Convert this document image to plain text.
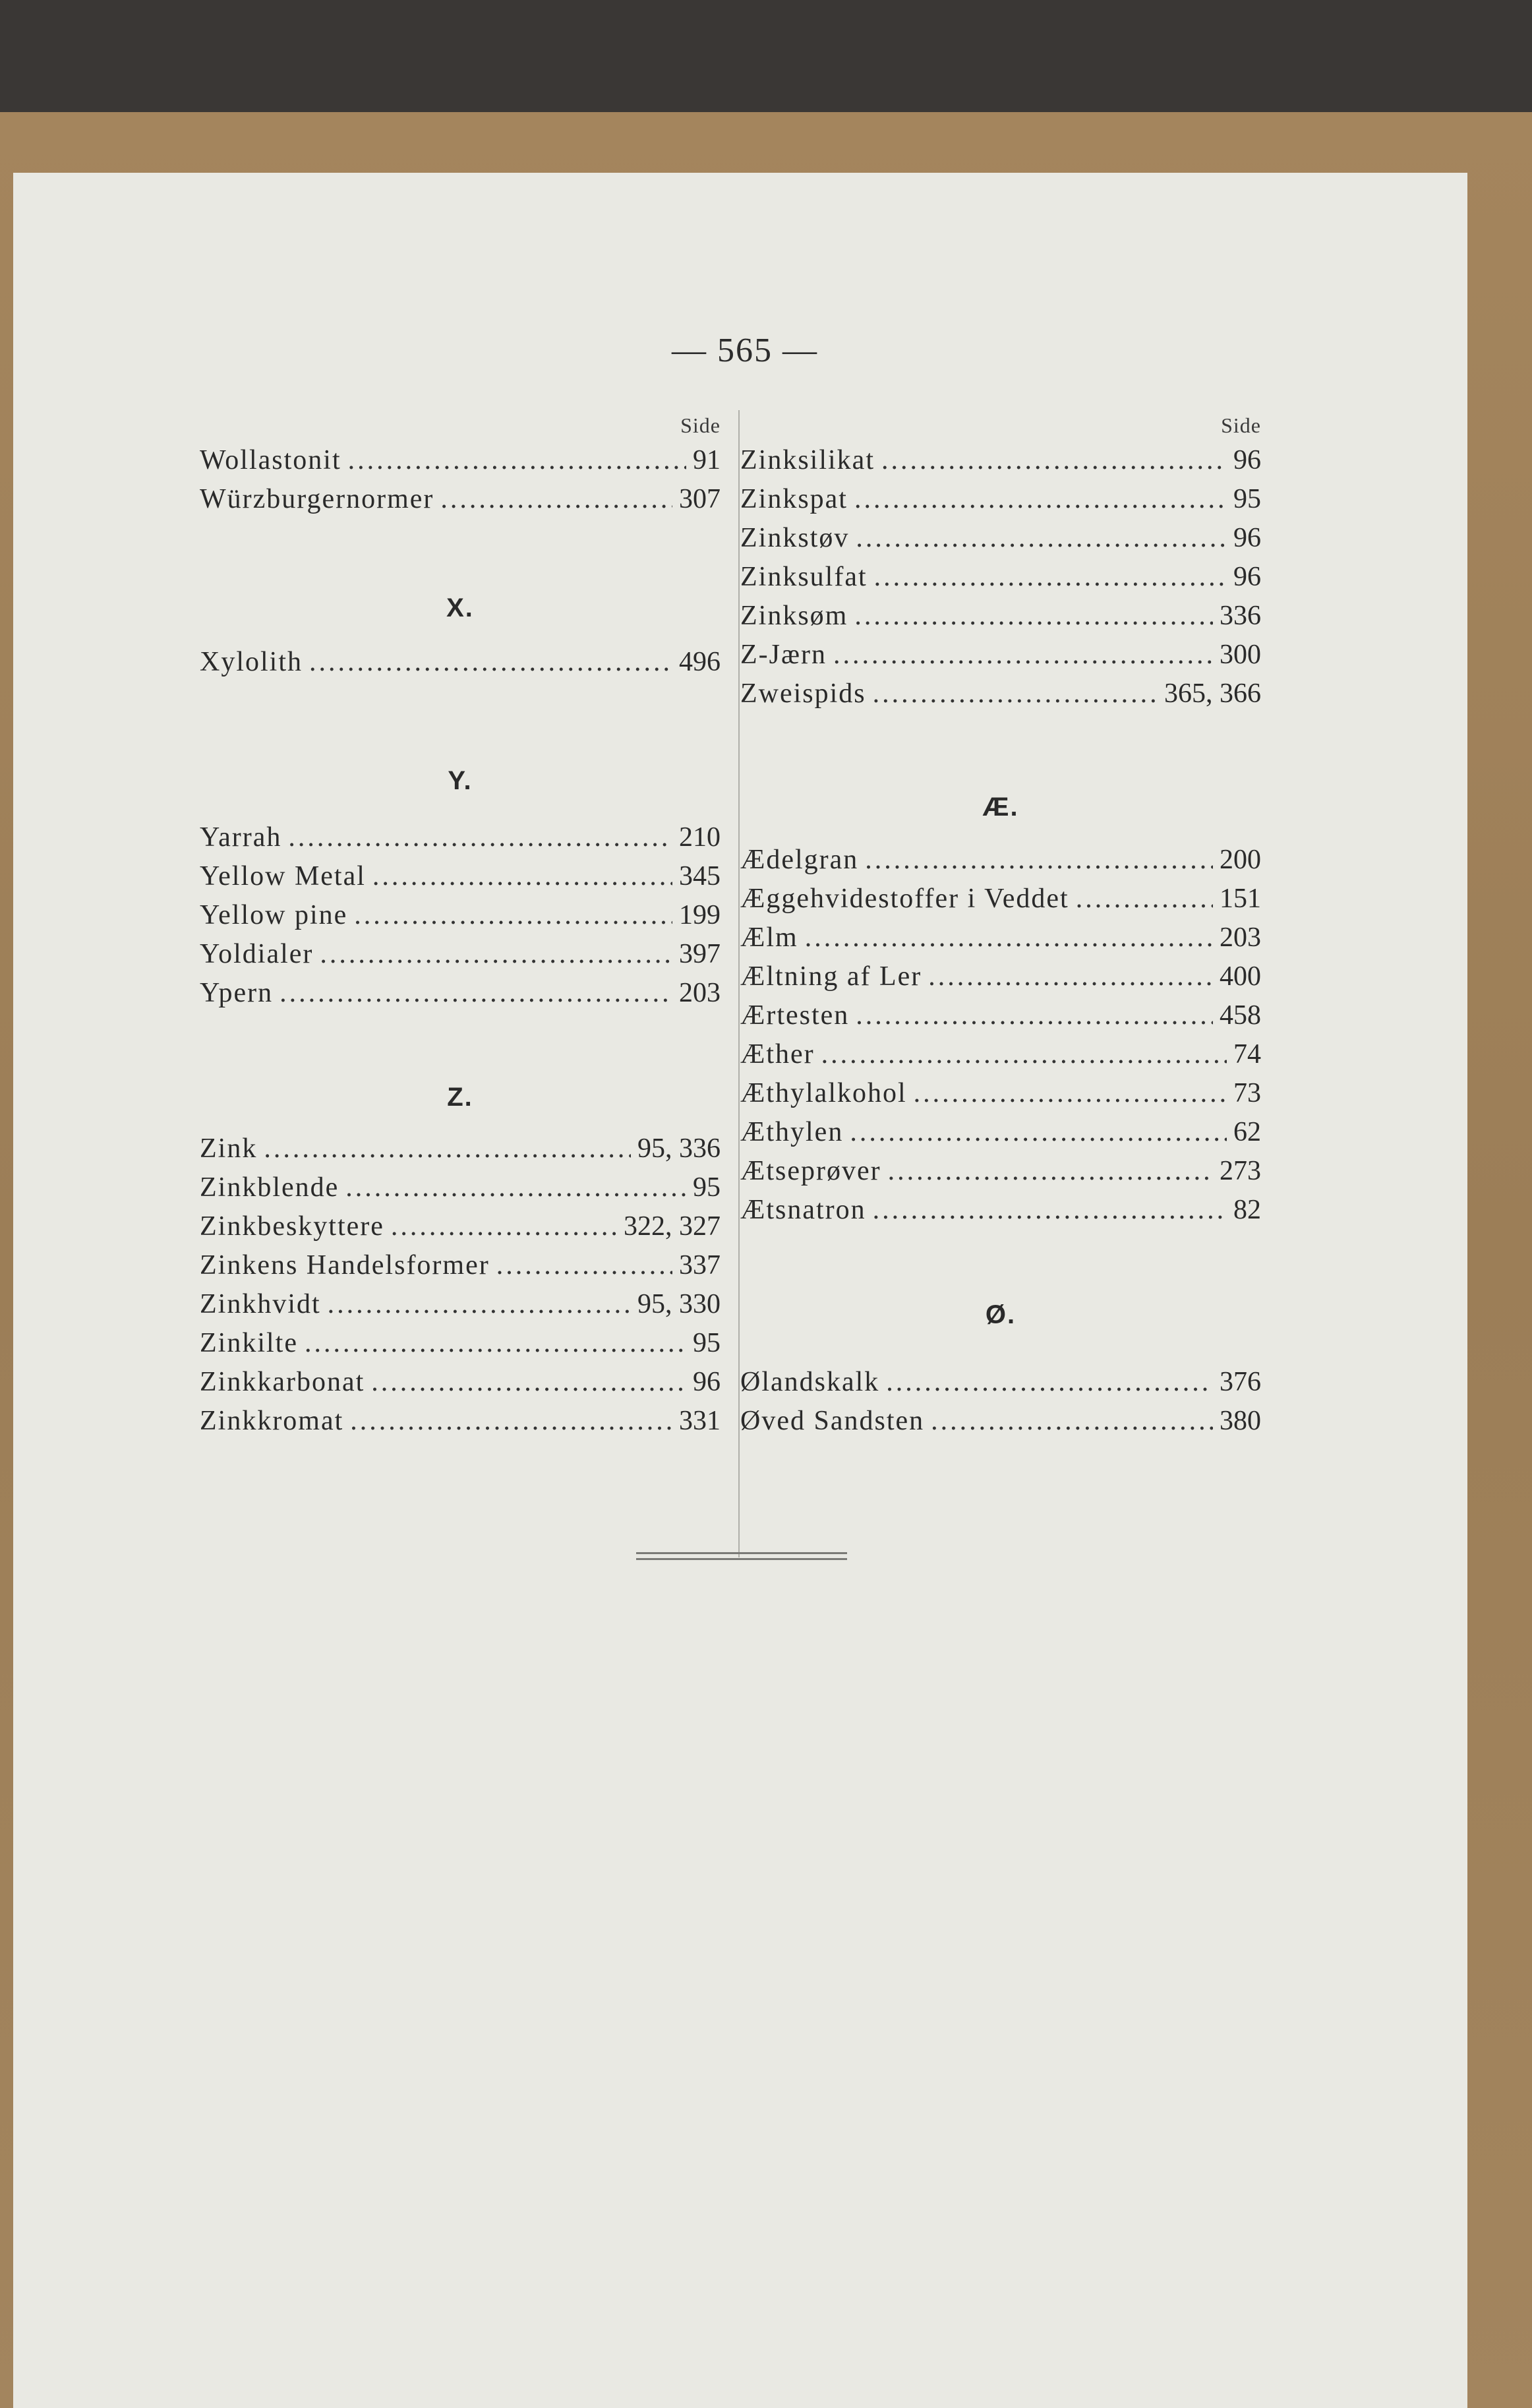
— 565 —
Side
Wollastonit .....	91
Würzburgernormer .....	307
X.
Xylolith .....	496
Y.
Yarrah .....	210
Yellow Metal .....	345
Yellow pine .....	199
Yoldialer .....	397
Ypern .....	203
Z.
Zink .....	95, 336
Zinkblende .....	95
Zinkbeskyttere .....	322, 327
Zinkens Handelsformer .....	337
Zinkhvidt .....	95, 330
Zinkilte .....	95
Zinkkarbonat .....	96
Zinkkromat .....	331
Side
Zinksilikat .....	96
Zinkspat .....	95
Zinkstøv .....	96
Zinksulfat .....	96
Zinksøm .....	336
Z-Jærn .....	300
Zweispids .....	365, 366
Æ.
Ædelgran .....	200
Æggehvidestoffer i Veddet .....	151
Ælm .....	203
Æltning af Ler .....	400
Ærtesten .....	458
Æther .....	74
Æthylalkohol .....	73
Æthylen .....	62
Ætseprøver .....	273
Ætsnatron .....	82
Ø.
Ølandskalk .....	376
Øved Sandsten .....	380
